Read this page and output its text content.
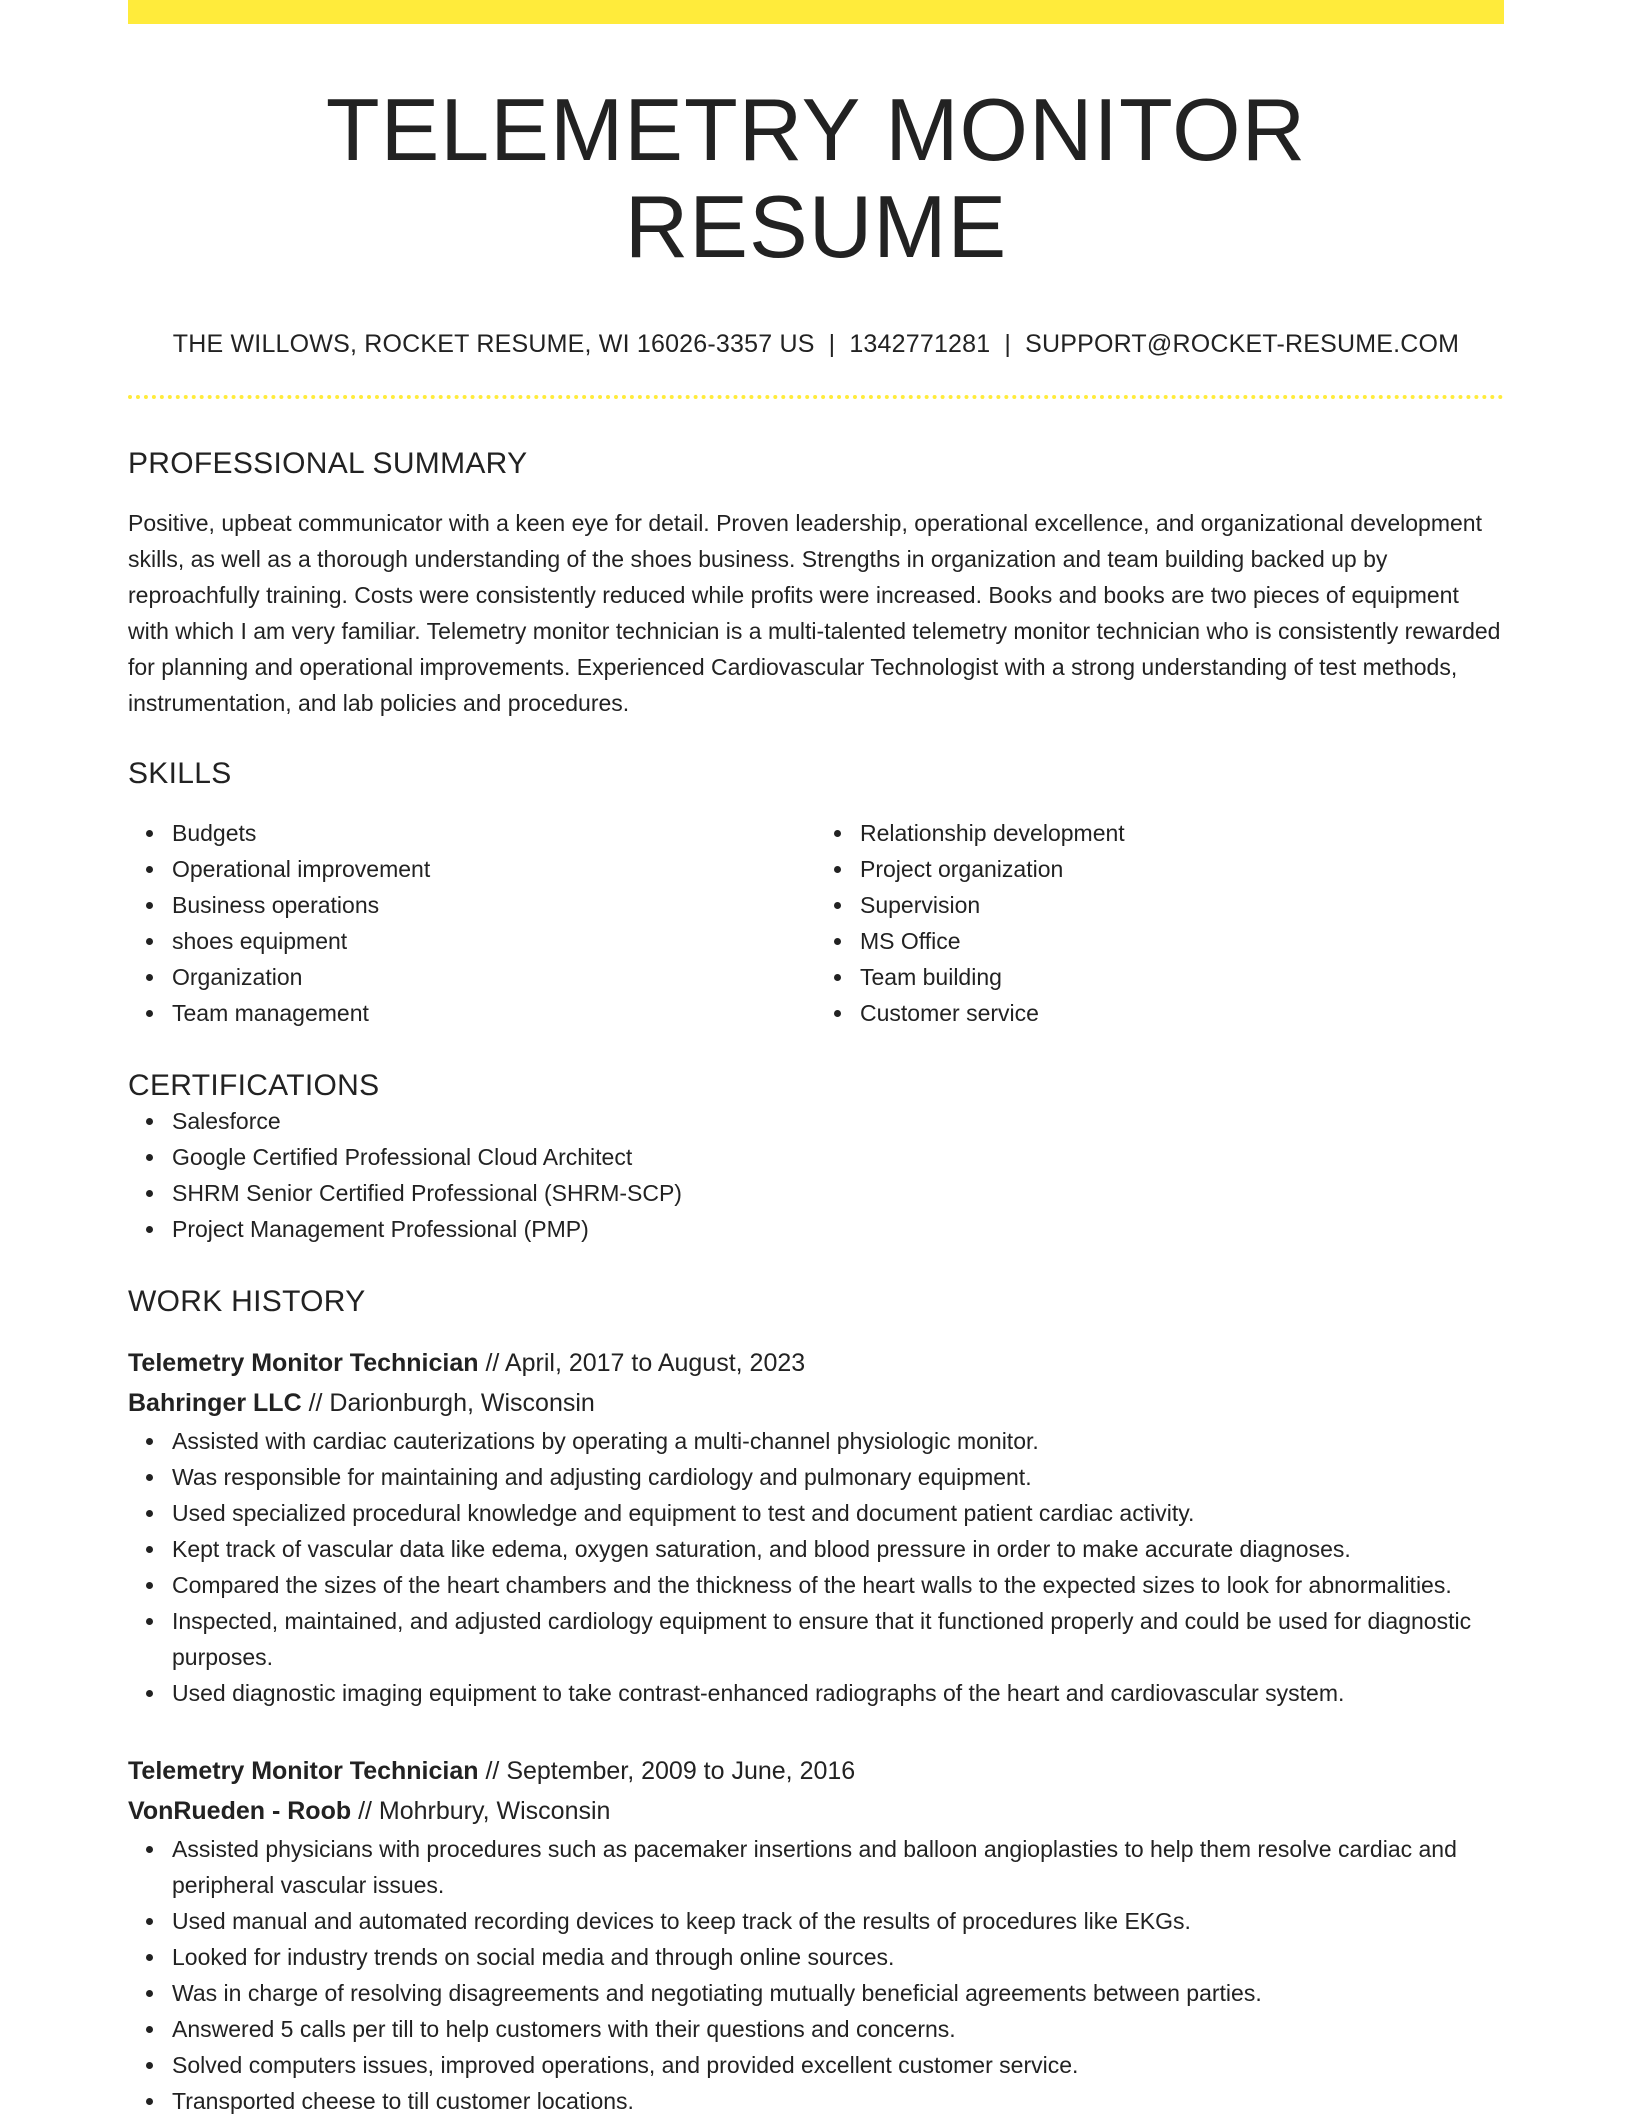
TELEMETRY MONITOR RESUME
THE WILLOWS, ROCKET RESUME, WI 16026-3357 US | 1342771281 | SUPPORT@ROCKET-RESUME.COM
PROFESSIONAL SUMMARY
Positive, upbeat communicator with a keen eye for detail. Proven leadership, operational excellence, and organizational development skills, as well as a thorough understanding of the shoes business. Strengths in organization and team building backed up by reproachfully training. Costs were consistently reduced while profits were increased. Books and books are two pieces of equipment with which I am very familiar. Telemetry monitor technician is a multi-talented telemetry monitor technician who is consistently rewarded for planning and operational improvements. Experienced Cardiovascular Technologist with a strong understanding of test methods, instrumentation, and lab policies and procedures.
SKILLS
Budgets
Operational improvement
Business operations
shoes equipment
Organization
Team management
Relationship development
Project organization
Supervision
MS Office
Team building
Customer service
CERTIFICATIONS
Salesforce
Google Certified Professional Cloud Architect
SHRM Senior Certified Professional (SHRM-SCP)
Project Management Professional (PMP)
WORK HISTORY
Telemetry Monitor Technician // April, 2017 to August, 2023
Bahringer LLC // Darionburgh, Wisconsin
Assisted with cardiac cauterizations by operating a multi-channel physiologic monitor.
Was responsible for maintaining and adjusting cardiology and pulmonary equipment.
Used specialized procedural knowledge and equipment to test and document patient cardiac activity.
Kept track of vascular data like edema, oxygen saturation, and blood pressure in order to make accurate diagnoses.
Compared the sizes of the heart chambers and the thickness of the heart walls to the expected sizes to look for abnormalities.
Inspected, maintained, and adjusted cardiology equipment to ensure that it functioned properly and could be used for diagnostic purposes.
Used diagnostic imaging equipment to take contrast-enhanced radiographs of the heart and cardiovascular system.
Telemetry Monitor Technician // September, 2009 to June, 2016
VonRueden - Roob // Mohrbury, Wisconsin
Assisted physicians with procedures such as pacemaker insertions and balloon angioplasties to help them resolve cardiac and peripheral vascular issues.
Used manual and automated recording devices to keep track of the results of procedures like EKGs.
Looked for industry trends on social media and through online sources.
Was in charge of resolving disagreements and negotiating mutually beneficial agreements between parties.
Answered 5 calls per till to help customers with their questions and concerns.
Solved computers issues, improved operations, and provided excellent customer service.
Transported cheese to till customer locations.
